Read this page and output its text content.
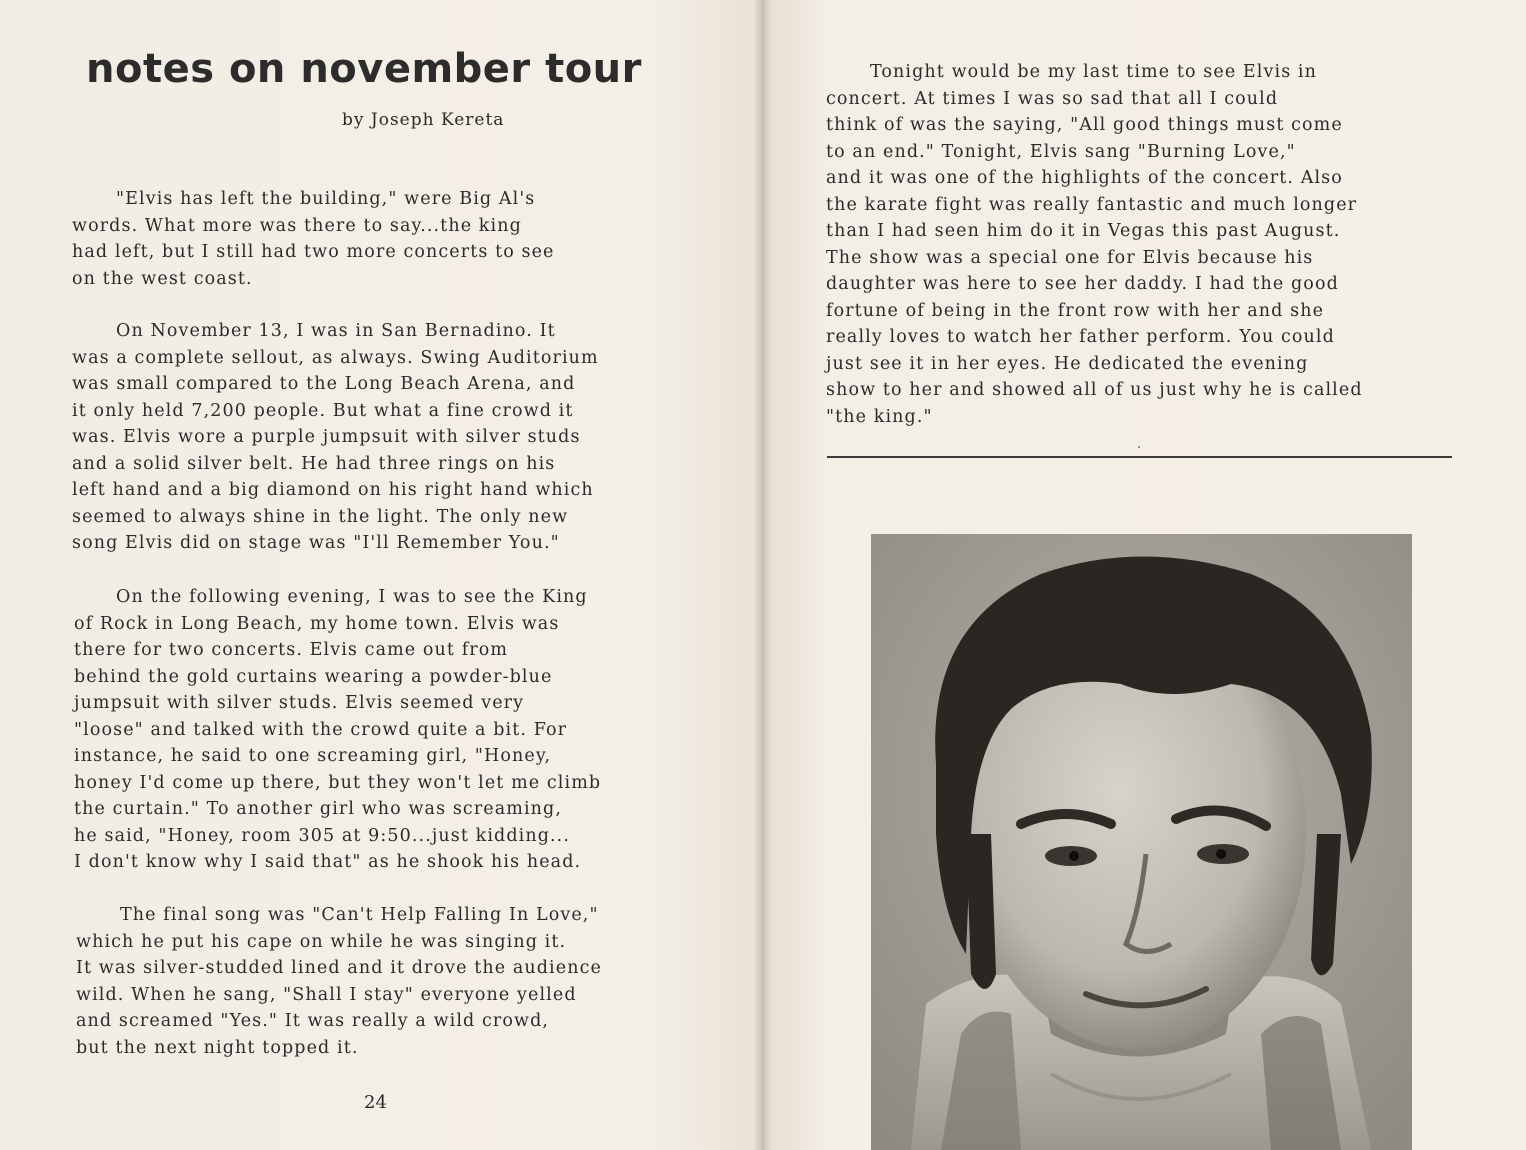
notes on november tour
by Joseph Kereta
"Elvis has left the building," were Big Al's
words. What more was there to say...the king
had left, but I still had two more concerts to see
on the west coast.
On November 13, I was in San Bernadino. It
was a complete sellout, as always. Swing Auditorium
was small compared to the Long Beach Arena, and
it only held 7,200 people. But what a fine crowd it
was. Elvis wore a purple jumpsuit with silver studs
and a solid silver belt. He had three rings on his
left hand and a big diamond on his right hand which
seemed to always shine in the light. The only new
song Elvis did on stage was "I'll Remember You."
On the following evening, I was to see the King
of Rock in Long Beach, my home town. Elvis was
there for two concerts. Elvis came out from
behind the gold curtains wearing a powder-blue
jumpsuit with silver studs. Elvis seemed very
"loose" and talked with the crowd quite a bit. For
instance, he said to one screaming girl, "Honey,
honey I'd come up there, but they won't let me climb
the curtain." To another girl who was screaming,
he said, "Honey, room 305 at 9:50...just kidding...
I don't know why I said that" as he shook his head.
The final song was "Can't Help Falling In Love,"
which he put his cape on while he was singing it.
It was silver-studded lined and it drove the audience
wild. When he sang, "Shall I stay" everyone yelled
and screamed "Yes." It was really a wild crowd,
but the next night topped it.
24
Tonight would be my last time to see Elvis in
concert. At times I was so sad that all I could
think of was the saying, "All good things must come
to an end." Tonight, Elvis sang "Burning Love,"
and it was one of the highlights of the concert. Also
the karate fight was really fantastic and much longer
than I had seen him do it in Vegas this past August.
The show was a special one for Elvis because his
daughter was here to see her daddy. I had the good
fortune of being in the front row with her and she
really loves to watch her father perform. You could
just see it in her eyes. He dedicated the evening
show to her and showed all of us just why he is called
"the king."
